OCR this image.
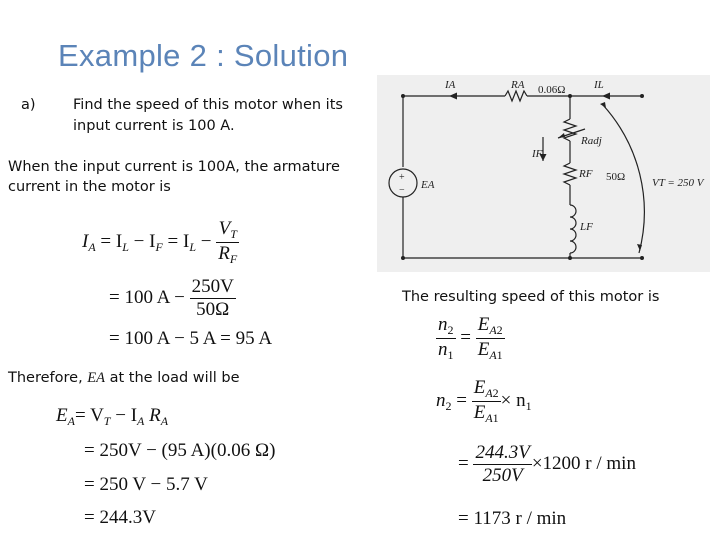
Example 2 : Solution
a)	Find the speed of this motor when its
input current is 100 A.
When the input current is 100A, the armature
current in the motor is
IA	RA 0.06Ω	IL
Radj
IF
RF 50Ω
+
− EA	VT = 250 V
LF
$I_A = I_L - I_F = I_L - \frac{V_T}{R_F}$
= 100 $A - \frac{250V}{50\Omega}$
= 100 A − 5 A = 95 A
Therefore, EA at the load will be
$E_A= V_T - I_A$ $R_A$
= 250V − (95 A)(0.06 Ω)
= 250 V − 5.7 V
= 244.3V
The resulting speed of this motor is
$\frac{n_2}{n_1} = \frac{E_{A2}}{E_{A1}}$
$n_2 = \frac{E_{A2}}{E_{A1}} \times n_1$
= $\frac{244.3V}{250V} \times 1200$ r / min
= 1173 r / min
